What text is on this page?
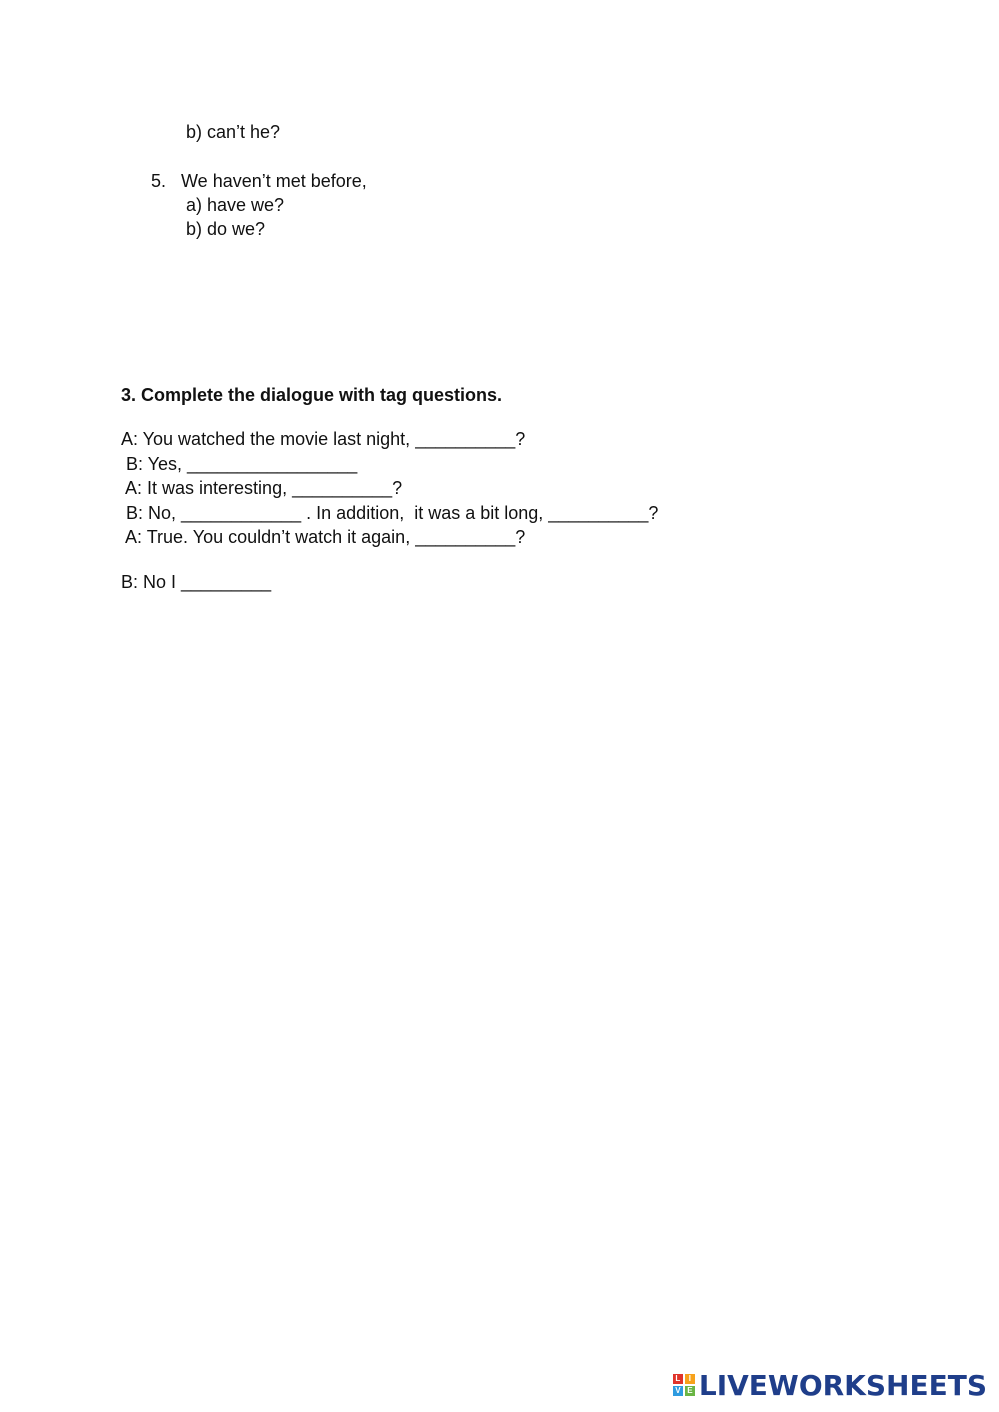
b) can’t he?
5.   We haven’t met before,
a) have we?
b) do we?
3. Complete the dialogue with tag questions.
A: You watched the movie last night, __________?
B: Yes, _________________
A: It was interesting, __________?
B: No, ____________ . In addition,  it was a bit long, __________?
A: True. You couldn’t watch it again, __________?
B: No I _________
L	I
V E LIVEWORKSHEETS
